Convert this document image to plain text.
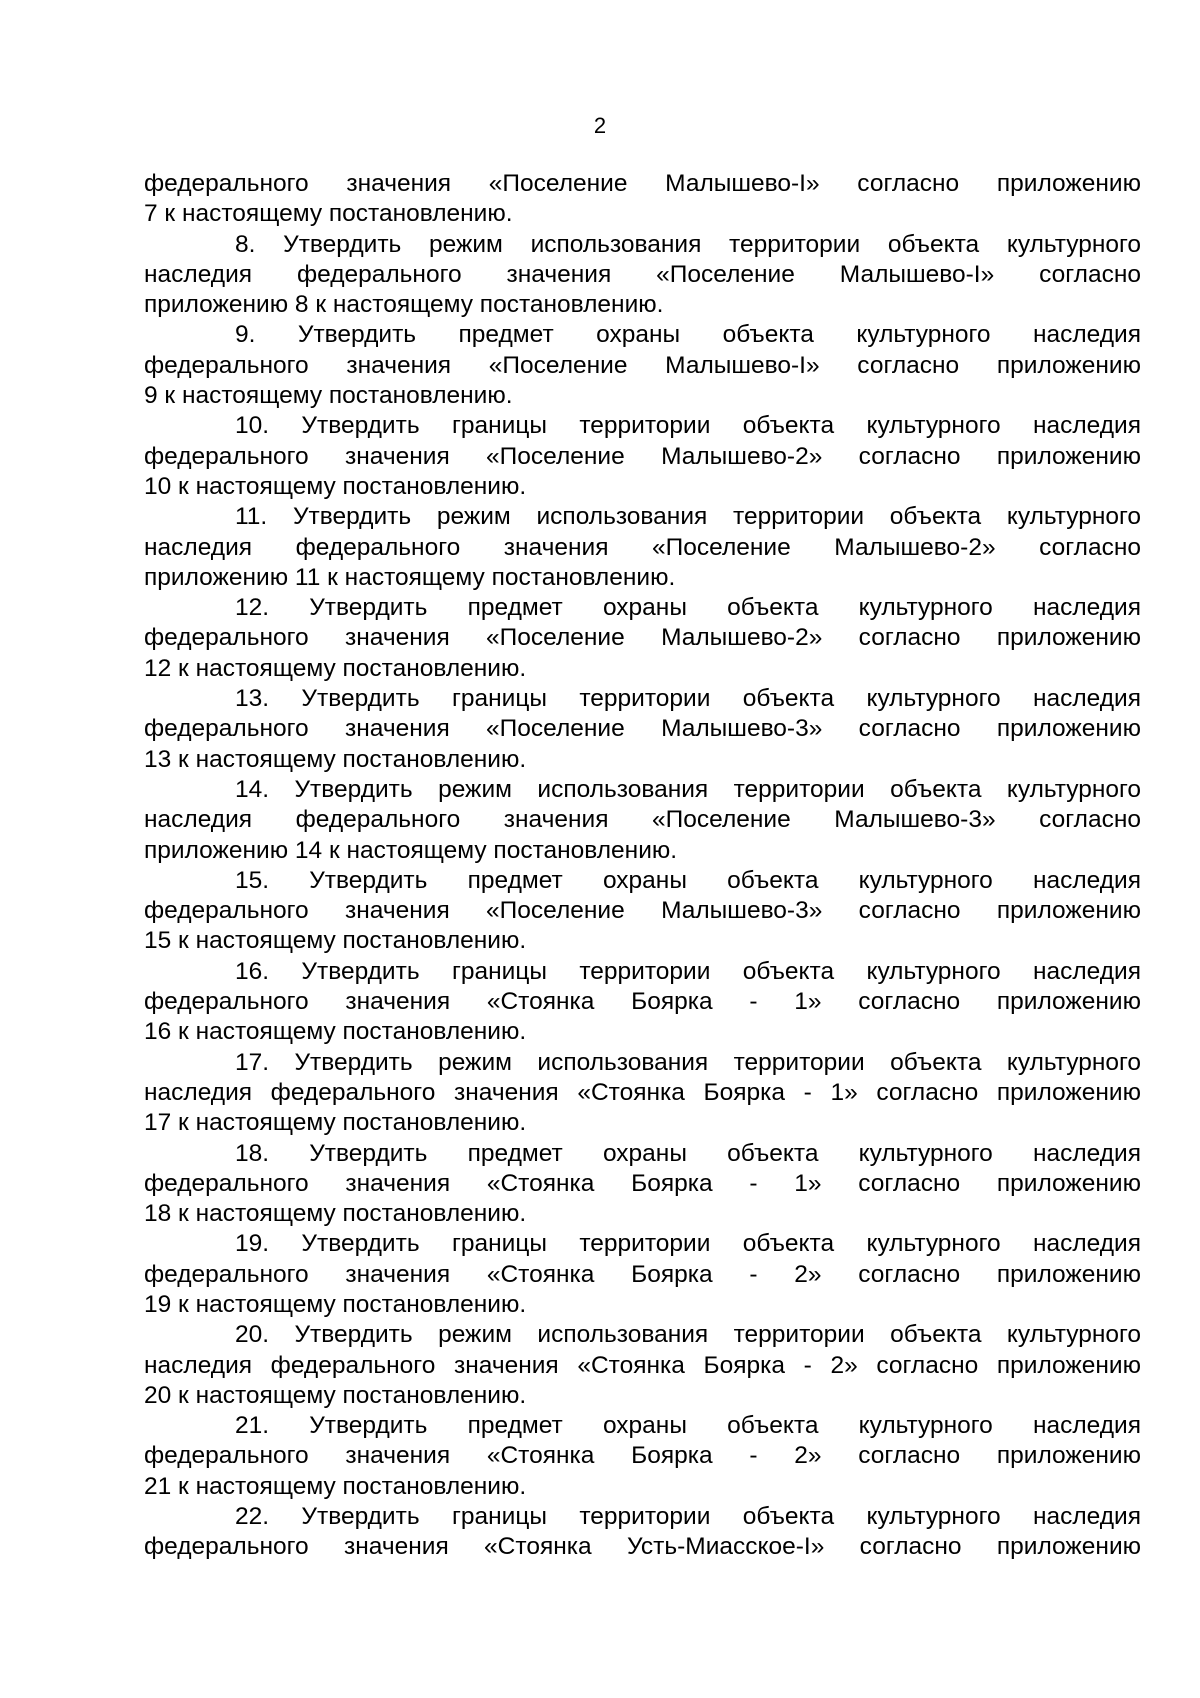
2
федерального значения «Поселение Малышево-I» согласно приложению
7 к настоящему постановлению.
8. Утвердить режим использования территории объекта культурного
наследия федерального значения «Поселение Малышево-I» согласно
приложению 8 к настоящему постановлению.
9. Утвердить предмет охраны объекта культурного наследия
федерального значения «Поселение Малышево-I» согласно приложению
9 к настоящему постановлению.
10. Утвердить границы территории объекта культурного наследия
федерального значения «Поселение Малышево-2» согласно приложению
10 к настоящему постановлению.
11. Утвердить режим использования территории объекта культурного
наследия федерального значения «Поселение Малышево-2» согласно
приложению 11 к настоящему постановлению.
12. Утвердить предмет охраны объекта культурного наследия
федерального значения «Поселение Малышево-2» согласно приложению
12 к настоящему постановлению.
13. Утвердить границы территории объекта культурного наследия
федерального значения «Поселение Малышево-3» согласно приложению
13 к настоящему постановлению.
14. Утвердить режим использования территории объекта культурного
наследия федерального значения «Поселение Малышево-3» согласно
приложению 14 к настоящему постановлению.
15. Утвердить предмет охраны объекта культурного наследия
федерального значения «Поселение Малышево-3» согласно приложению
15 к настоящему постановлению.
16. Утвердить границы территории объекта культурного наследия
федерального значения «Стоянка Боярка - 1» согласно приложению
16 к настоящему постановлению.
17. Утвердить режим использования территории объекта культурного
наследия федерального значения «Стоянка Боярка - 1» согласно приложению
17 к настоящему постановлению.
18. Утвердить предмет охраны объекта культурного наследия
федерального значения «Стоянка Боярка - 1» согласно приложению
18 к настоящему постановлению.
19. Утвердить границы территории объекта культурного наследия
федерального значения «Стоянка Боярка - 2» согласно приложению
19 к настоящему постановлению.
20. Утвердить режим использования территории объекта культурного
наследия федерального значения «Стоянка Боярка - 2» согласно приложению
20 к настоящему постановлению.
21. Утвердить предмет охраны объекта культурного наследия
федерального значения «Стоянка Боярка - 2» согласно приложению
21 к настоящему постановлению.
22. Утвердить границы территории объекта культурного наследия
федерального значения «Стоянка Усть-Миасское-I» согласно приложению
